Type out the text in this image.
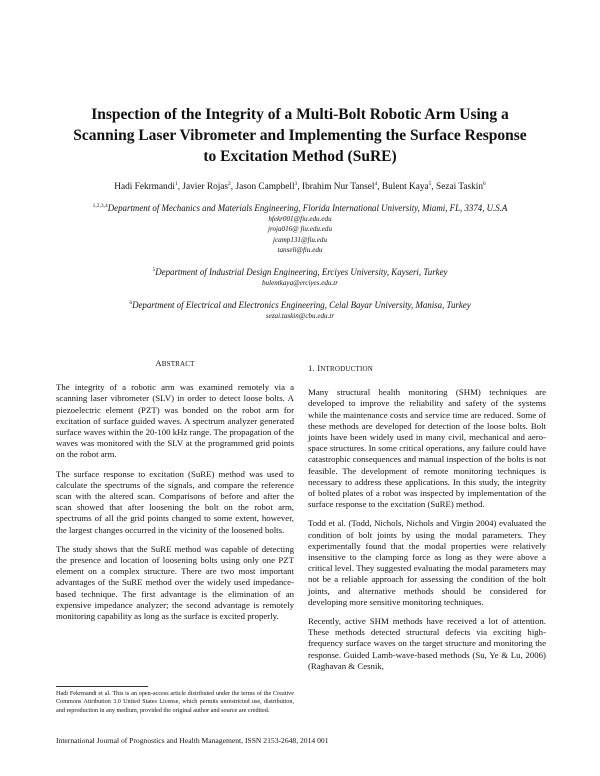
Inspection of the Integrity of a Multi-Bolt Robotic Arm Using a
Scanning Laser Vibrometer and Implementing the Surface Response
to Excitation Method (SuRE)
Hadi Fekrmandi$^1$, Javier Rojas$^2$, Jason Campbell$^3$, Ibrahim Nur Tansel$^4$, Bulent Kaya$^5$, Sezai Taskin$^6$
$^{1,2,3,4}$Department of Mechanics and Materials Engineering, Florida International University, Miami, FL, 3374, U.S.A
hfekr001@fiu.edu.edu
jroja016@ fiu.edu.edu
jcamp131@fiu.edu
tanseli@fiu.edu
$^5$Department of Industrial Design Engineering, Erciyes University, Kayseri, Turkey
bulentkaya@erciyes.edu.tr
$^6$Department of Electrical and Electronics Engineering, Celal Bayar University, Manisa, Turkey
sezai.taskin@cbu.edu.tr
ABSTRACT

The integrity of a robotic arm was examined remotely via a scanning laser vibrometer (SLV) in order to detect loose bolts. A piezoelectric element (PZT) was bonded on the robot arm for excitation of surface guided waves. A spectrum analyzer generated surface waves within the 20-100 kHz range. The propagation of the waves was monitored with the SLV at the programmed grid points on the robot arm.

The surface response to excitation (SuRE) method was used to calculate the spectrums of the signals, and compare the reference scan with the altered scan. Comparisons of before and after the scan showed that after loosening the bolt on the robot arm, spectrums of all the grid points changed to some extent, however, the largest changes occurred in the vicinity of the loosened bolts.

The study shows that the SuRE method was capable of detecting the presence and location of loosening bolts using only one PZT element on a complex structure. There are two most important advantages of the SuRE method over the widely used impedance-based technique. The first advantage is the elimination of an expensive impedance analyzer; the second advantage is remotely monitoring capability as long as the surface is excited properly.

1. INTRODUCTION

Many structural health monitoring (SHM) techniques are developed to improve the reliability and safety of the systems while the maintenance costs and service time are reduced. Some of these methods are developed for detection of the loose bolts. Bolt joints have been widely used in many civil, mechanical and aero-space structures. In some critical operations, any failure could have catastrophic consequences and manual inspection of the bolts is not feasible. The development of remote monitoring techniques is necessary to address these applications. In this study, the integrity of bolted plates of a robot was inspected by implementation of the surface response to the excitation (SuRE) method.

Todd et al. (Todd, Nichols, Nichols and Virgin 2004) evaluated the condition of bolt joints by using the modal parameters. They experimentally found that the modal properties were relatively insensitive to the clamping force as long as they were above a critical level. They suggested evaluating the modal parameters may not be a reliable approach for assessing the condition of the bolt joints, and alternative methods should be considered for developing more sensitive monitoring techniques.

Recently, active SHM methods have received a lot of attention. These methods detected structural defects via exciting high-frequency surface waves on the target structure and monitoring the response. Guided Lamb-wave-based methods (Su, Ye & Lu, 2006) (Raghavan & Cesnik,

Hadi Fekrmandi et al. This is an open-access article distributed under the terms of the Creative Commons Attribution 3.0 United States License, which permits unrestricted use, distribution, and reproduction in any medium, provided the original author and source are credited.
International Journal of Prognostics and Health Management, ISSN 2153-2648, 2014 001
